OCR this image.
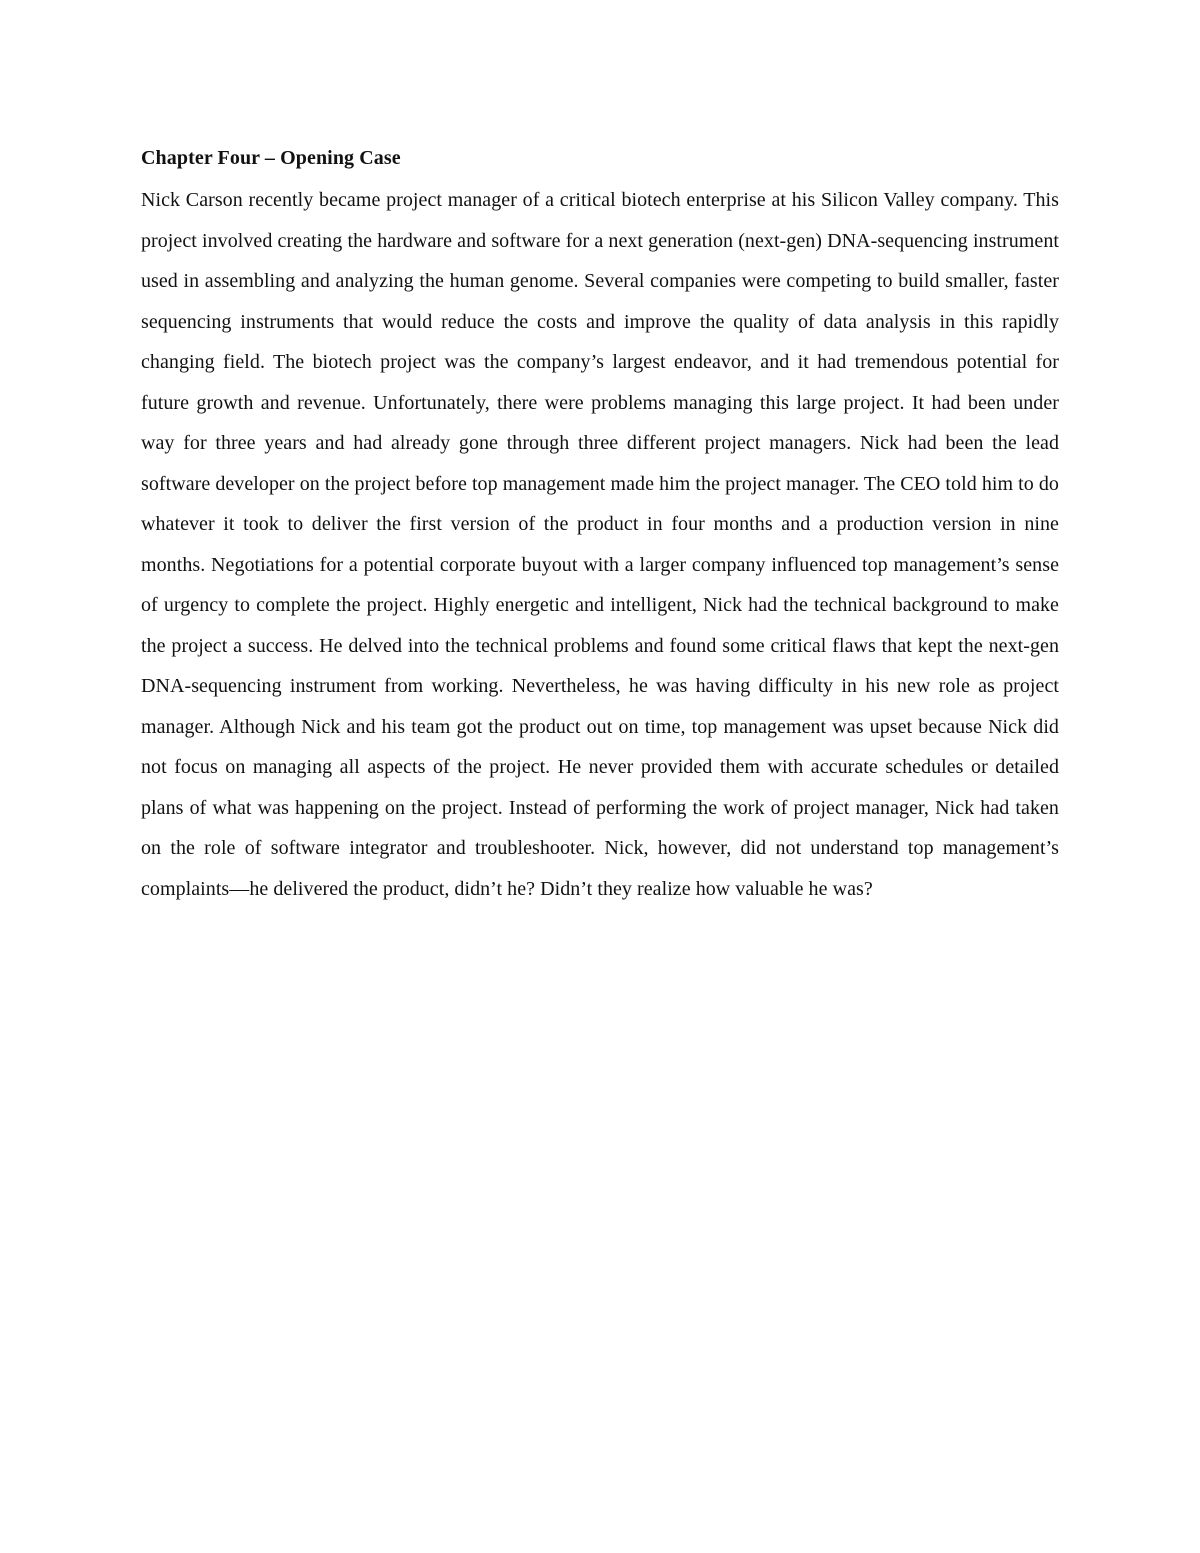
Chapter Four – Opening Case

Nick Carson recently became project manager of a critical biotech enterprise at his Silicon Valley company. This project involved creating the hardware and software for a next generation (next-gen) DNA-sequencing instrument used in assembling and analyzing the human genome. Several companies were competing to build smaller, faster sequencing instruments that would reduce the costs and improve the quality of data analysis in this rapidly changing field. The biotech project was the company’s largest endeavor, and it had tremendous potential for future growth and revenue. Unfortunately, there were problems managing this large project. It had been under way for three years and had already gone through three different project managers. Nick had been the lead software developer on the project before top management made him the project manager. The CEO told him to do whatever it took to deliver the first version of the product in four months and a production version in nine months. Negotiations for a potential corporate buyout with a larger company influenced top management’s sense of urgency to complete the project. Highly energetic and intelligent, Nick had the technical background to make the project a success. He delved into the technical problems and found some critical flaws that kept the next-gen DNA-sequencing instrument from working. Nevertheless, he was having difficulty in his new role as project manager. Although Nick and his team got the product out on time, top management was upset because Nick did not focus on managing all aspects of the project. He never provided them with accurate schedules or detailed plans of what was happening on the project. Instead of performing the work of project manager, Nick had taken on the role of software integrator and troubleshooter. Nick, however, did not understand top management’s complaints—he delivered the product, didn’t he? Didn’t they realize how valuable he was?
